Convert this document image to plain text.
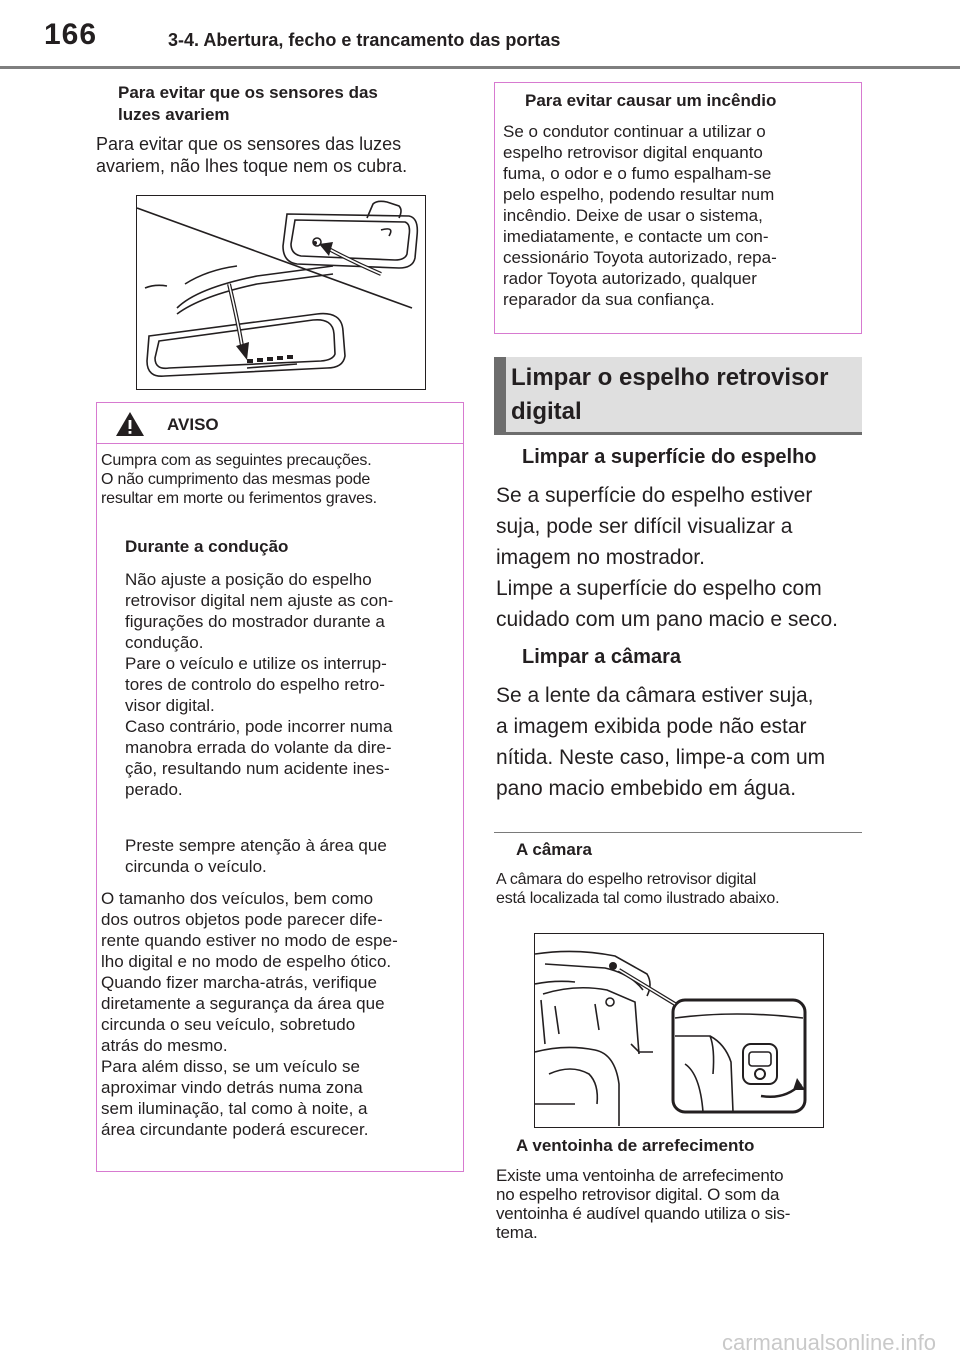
166	3-4. Abertura, fecho e trancamento das portas
Para evitar que os sensores das
luzes avariem
Para evitar que os sensores das luzes
avariem, não lhes toque nem os cubra.
AVISO
Cumpra com as seguintes precauções.
O não cumprimento das mesmas pode
resultar em morte ou ferimentos graves.
Durante a condução
Não ajuste a posição do espelho
retrovisor digital nem ajuste as con-
figurações do mostrador durante a
condução.
Pare o veículo e utilize os interrup-
tores de controlo do espelho retro-
visor digital.
Caso contrário, pode incorrer numa
manobra errada do volante da dire-
ção, resultando num acidente ines-
perado.
Preste sempre atenção à área que
circunda o veículo.
O tamanho dos veículos, bem como
dos outros objetos pode parecer dife-
rente quando estiver no modo de espe-
lho digital e no modo de espelho ótico.
Quando fizer marcha-atrás, verifique
diretamente a segurança da área que
circunda o seu veículo, sobretudo
atrás do mesmo.
Para além disso, se um veículo se
aproximar vindo detrás numa zona
sem iluminação, tal como à noite, a
área circundante poderá escurecer.
Para evitar causar um incêndio
Se o condutor continuar a utilizar o
espelho retrovisor digital enquanto
fuma, o odor e o fumo espalham-se
pelo espelho, podendo resultar num
incêndio. Deixe de usar o sistema,
imediatamente, e contacte um con-
cessionário Toyota autorizado, repa-
rador Toyota autorizado, qualquer
reparador da sua confiança.
Limpar o espelho retrovisor
digital
Limpar a superfície do espelho
Se a superfície do espelho estiver
suja, pode ser difícil visualizar a
imagem no mostrador.
Limpe a superfície do espelho com
cuidado com um pano macio e seco.
Limpar a câmara
Se a lente da câmara estiver suja,
a imagem exibida pode não estar
nítida. Neste caso, limpe-a com um
pano macio embebido em água.
A câmara
A câmara do espelho retrovisor digital
está localizada tal como ilustrado abaixo.
A ventoinha de arrefecimento
Existe uma ventoinha de arrefecimento
no espelho retrovisor digital. O som da
ventoinha é audível quando utiliza o sis-
tema.
carmanualsonline.info
